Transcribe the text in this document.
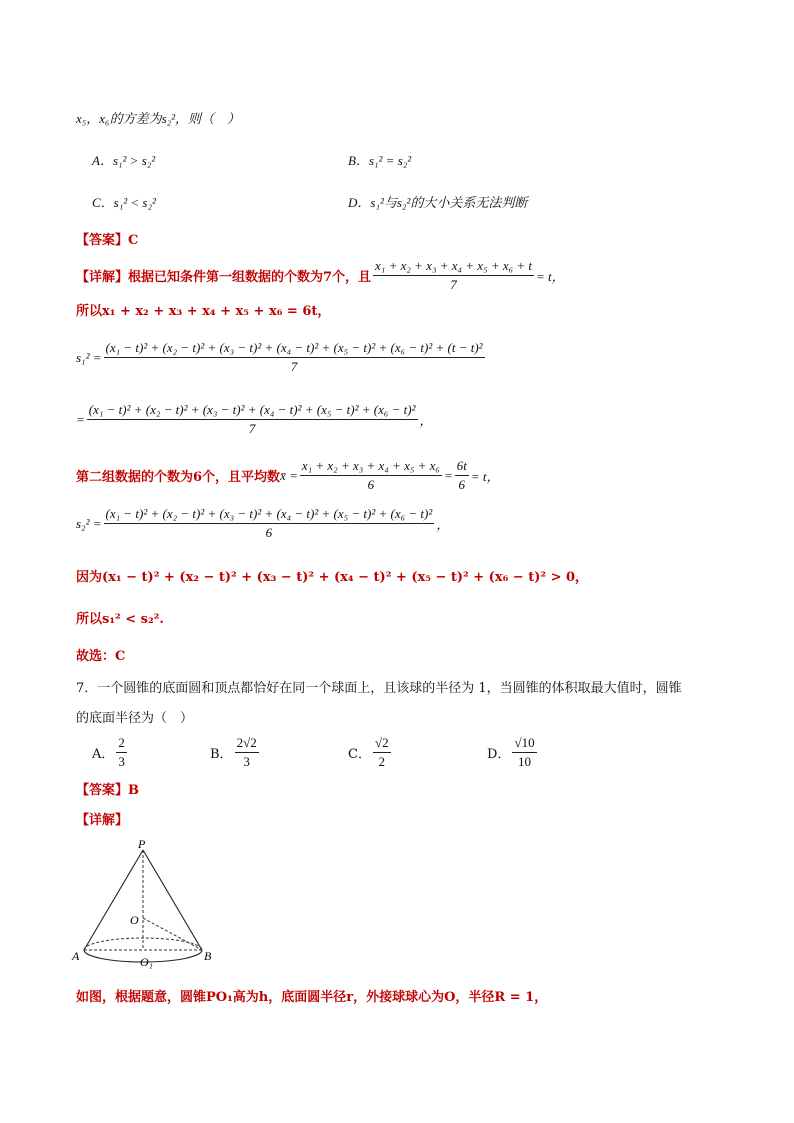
x₅，x₆的方差为s₂²，则（　）
A．s₁² > s₂²	B．s₁² = s₂²
C．s₁² < s₂²	D．s₁²与s₂²的大小关系无法判断
【答案】C
【详解】根据已知条件第一组数据的个数为7个，且 $\frac{\text{x₁ + x₂ + x₃ + x₄ + x₅ + x₆ + t}}{7} = t$，
所以x₁ + x₂ + x₃ + x₄ + x₅ + x₆ = 6t，
s₁² =
(x₁ − t)² + (x₂ − t)² + (x₃ − t)² + (x₄ − t)² + (x₅ − t)² + (x₆ − t)² + (t − t)²
7
=
(x₁ − t)² + (x₂ − t)² + (x₃ − t)² + (x₄ − t)² + (x₅ − t)² + (x₆ − t)²
7
，
第二组数据的个数为6个，且平均数 x̄ = $\frac{\text{x₁ + x₂ + x₃ + x₄ + x₅ + x₆}}{6} = \frac{6t}{6} = t$，
s₂² =
(x₁ − t)² + (x₂ − t)² + (x₃ − t)² + (x₄ − t)² + (x₅ − t)² + (x₆ − t)²
6
，
因为(x₁ − t)² + (x₂ − t)² + (x₃ − t)² + (x₄ − t)² + (x₅ − t)² + (x₆ − t)² > 0，
所以s₁² < s₂².
故选：C
7．一个圆锥的底面圆和顶点都恰好在同一个球面上，且该球的半径为 1，当圆锥的体积取最大值时，圆锥
的底面半径为（　）
A． $\frac{2}{3}$	B． $\frac{2√2}{3}$	C． $\frac{√2}{2}$	D． $\frac{√10}{10}$
【答案】B
【详解】
P
O
A	B
O₁
如图，根据题意，圆锥PO₁高为h，底面圆半径r，外接球球心为O，半径R = 1，
